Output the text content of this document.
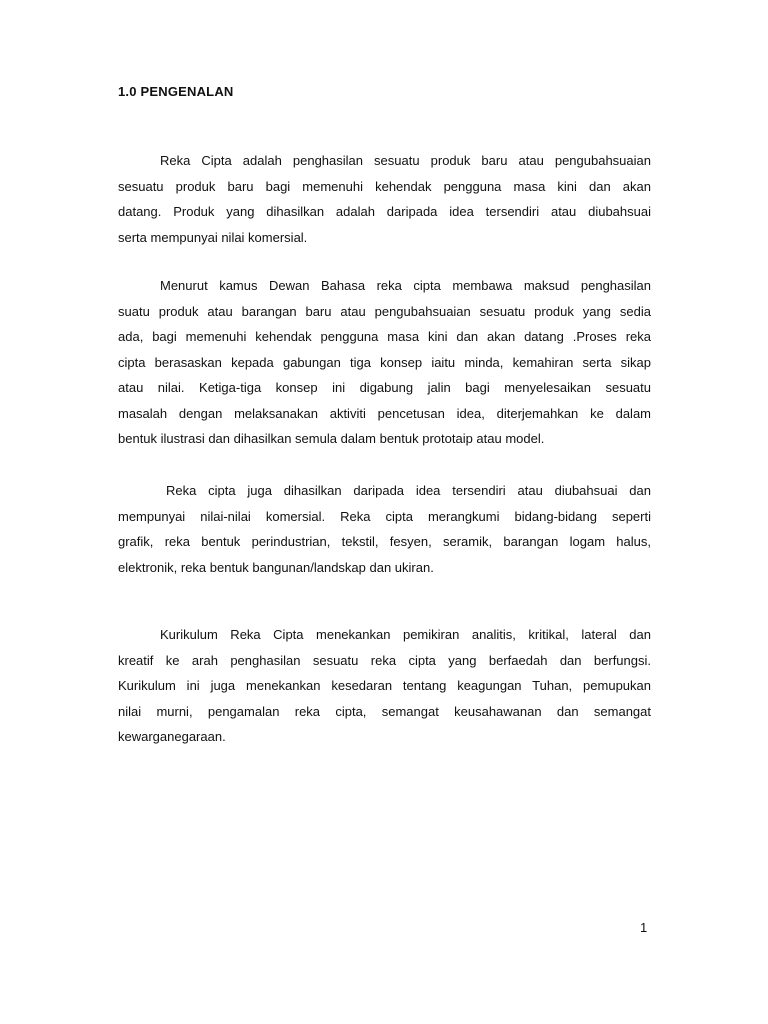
1.0 PENGENALAN
Reka Cipta adalah penghasilan sesuatu produk baru atau pengubahsuaian
sesuatu produk baru bagi memenuhi kehendak pengguna masa kini dan akan
datang. Produk yang dihasilkan adalah daripada idea tersendiri atau diubahsuai
serta mempunyai nilai komersial.
Menurut kamus Dewan Bahasa reka cipta membawa maksud penghasilan
suatu produk atau barangan baru atau pengubahsuaian sesuatu produk yang sedia
ada, bagi memenuhi kehendak pengguna masa kini dan akan datang .Proses reka
cipta berasaskan kepada gabungan tiga konsep iaitu minda, kemahiran serta sikap
atau nilai. Ketiga-tiga konsep ini digabung jalin bagi menyelesaikan sesuatu
masalah dengan melaksanakan aktiviti pencetusan idea, diterjemahkan ke dalam
bentuk ilustrasi dan dihasilkan semula dalam bentuk prototaip atau model.
Reka cipta juga dihasilkan daripada idea tersendiri atau diubahsuai dan
mempunyai nilai-nilai komersial. Reka cipta merangkumi bidang-bidang seperti
grafik, reka bentuk perindustrian, tekstil, fesyen, seramik, barangan logam halus,
elektronik, reka bentuk bangunan/landskap dan ukiran.
Kurikulum Reka Cipta menekankan pemikiran analitis, kritikal, lateral dan
kreatif ke arah penghasilan sesuatu reka cipta yang berfaedah dan berfungsi.
Kurikulum ini juga menekankan kesedaran tentang keagungan Tuhan, pemupukan
nilai murni, pengamalan reka cipta, semangat keusahawanan dan semangat
kewarganegaraan.
1
